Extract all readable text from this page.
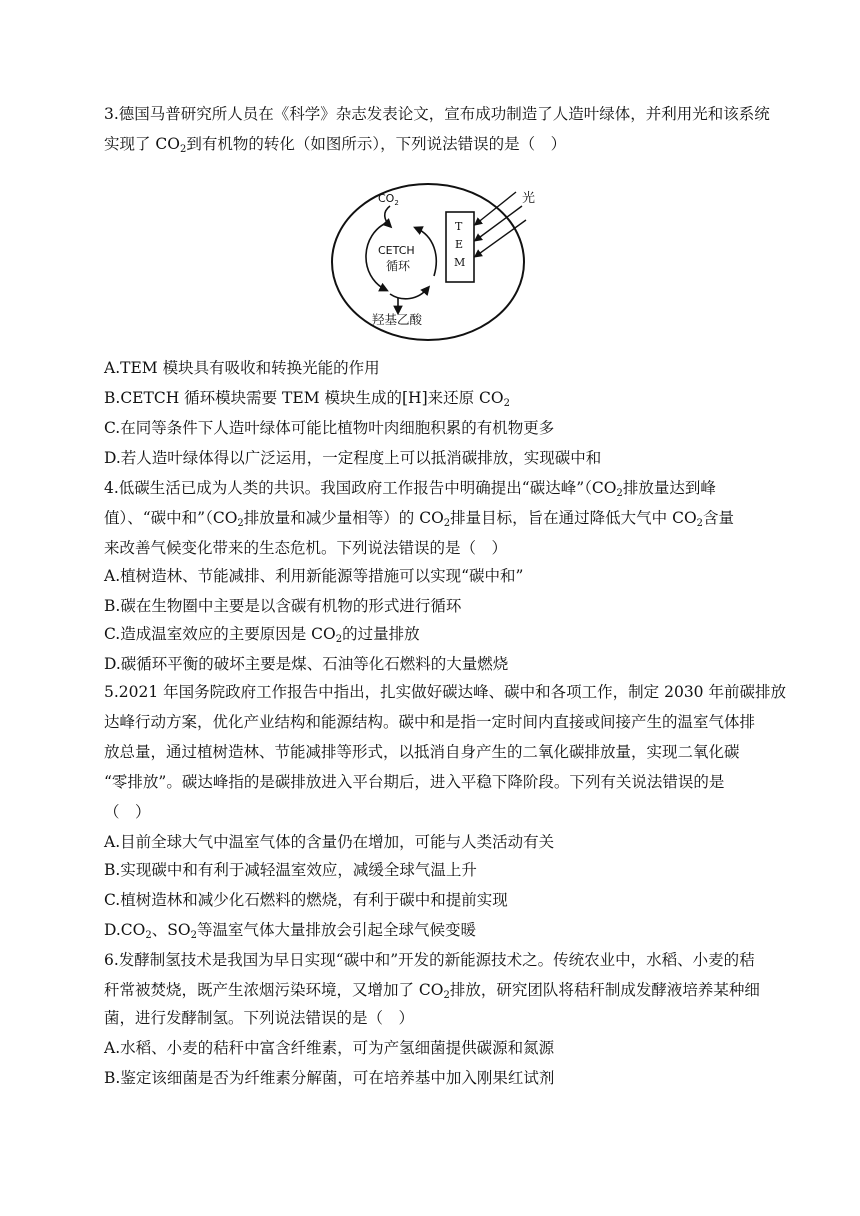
3.德国马普研究所人员在《科学》杂志发表论文，宣布成功制造了人造叶绿体，并利用光和该系统
实现了 $CO_2$到有机物的转化（如图所示），下列说法错误的是（　）
$CO_2$
CETCH
循环
羟基乙酸
光
T
E
M
A.TEM 模块具有吸收和转换光能的作用
B.CETCH 循环模块需要 TEM 模块生成的[H]来还原 $CO_2$
C.在同等条件下人造叶绿体可能比植物叶肉细胞积累的有机物更多
D.若人造叶绿体得以广泛运用，一定程度上可以抵消碳排放，实现碳中和
4.低碳生活已成为人类的共识。我国政府工作报告中明确提出“碳达峰$”(CO_2$排放量达到峰
值）、“碳中和$”(CO_2$排放量和减少量相等）的 $CO_2$排量目标，旨在通过降低大气中 $CO_2$含量
来改善气候变化带来的生态危机。下列说法错误的是（　）
A.植树造林、节能减排、利用新能源等措施可以实现“碳中和”
B.碳在生物圈中主要是以含碳有机物的形式进行循环
C.造成温室效应的主要原因是 $CO_2$的过量排放
D.碳循环平衡的破坏主要是煤、石油等化石燃料的大量燃烧
5.2021 年国务院政府工作报告中指出，扎实做好碳达峰、碳中和各项工作，制定 2030 年前碳排放
达峰行动方案，优化产业结构和能源结构。碳中和是指一定时间内直接或间接产生的温室气体排
放总量，通过植树造林、节能减排等形式，以抵消自身产生的二氧化碳排放量，实现二氧化碳
“零排放”。碳达峰指的是碳排放进入平台期后，进入平稳下降阶段。下列有关说法错误的是
（　）
A.目前全球大气中温室气体的含量仍在增加，可能与人类活动有关
B.实现碳中和有利于减轻温室效应，减缓全球气温上升
C.植树造林和减少化石燃料的燃烧，有利于碳中和提前实现
$D.CO_2$、$SO_2$等温室气体大量排放会引起全球气候变暖
6.发酵制氢技术是我国为早日实现“碳中和”开发的新能源技术之。传统农业中，水稻、小麦的秸
秆常被焚烧，既产生浓烟污染环境，又增加了 $CO_2$排放，研究团队将秸秆制成发酵液培养某种细
菌，进行发酵制氢。下列说法错误的是（　）
A.水稻、小麦的秸秆中富含纤维素，可为产氢细菌提供碳源和氮源
B.鉴定该细菌是否为纤维素分解菌，可在培养基中加入刚果红试剂
